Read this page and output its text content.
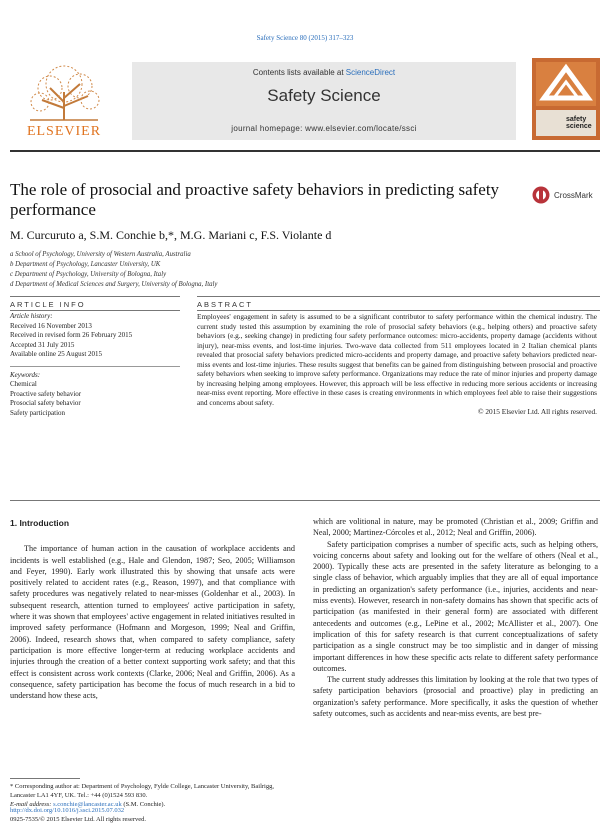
Safety Science 80 (2015) 317–323
ELSEVIER
Contents lists available at ScienceDirect
Safety Science
journal homepage: www.elsevier.com/locate/ssci
safety science
The role of prosocial and proactive safety behaviors in predicting safety performance
CrossMark
M. Curcuruto a, S.M. Conchie b,*, M.G. Mariani c, F.S. Violante d
a School of Psychology, University of Western Australia, Australia
b Department of Psychology, Lancaster University, UK
c Department of Psychology, University of Bologna, Italy
d Department of Medical Sciences and Surgery, University of Bologna, Italy
ARTICLE INFO	ABSTRACT
Article history:
Received 16 November 2013
Received in revised form 26 February 2015
Accepted 31 July 2015
Available online 25 August 2015
Keywords:
Chemical
Proactive safety behavior
Prosocial safety behavior
Safety participation

Employees' engagement in safety is assumed to be a significant contributor to safety performance within the chemical industry. The current study tested this assumption by examining the role of prosocial safety behaviors (e.g., helping others) and proactive safety behaviors (e.g., seeking change) in predicting four safety performance outcomes: micro-accidents, property damage (accidents without injury), near-miss events, and lost-time injuries. Two-wave data collected from 511 employees located in 2 Italian chemical plants revealed that prosocial safety behaviors predicted micro-accidents and property damage, and proactive safety behaviors predicted near-miss events and lost-time injuries. These results suggest that benefits can be gained from distinguishing between prosocial and proactive safety behaviors when seeking to improve safety performance. Organizations may reduce the rate of minor injuries and property damage by increasing helping among employees. However, this approach will be less effective in reducing more serious accidents or increasing near-miss event reporting. More effective in these cases is creating environments in which employees feel able to raise their suggestions and concerns about safety.

© 2015 Elsevier Ltd. All rights reserved.

1. Introduction

The importance of human action in the causation of workplace accidents and incidents is well established (e.g., Hale and Glendon, 1987; Seo, 2005; Williamson and Feyer, 1990). Early work illustrated this by showing that unsafe acts were positively related to accident rates (e.g., Reason, 1997), and that compliance with safety procedures was negatively related to near-misses (Goldenhar et al., 2003). In subsequent research, attention turned to employees' active participation in safety, where it was shown that employees' active engagement in related initiatives resulted in improved safety performance (Hofmann and Morgeson, 1999; Neal and Griffin, 2006). Indeed, research shows that, when compared to safety compliance, safety participation is more effective longer-term at reducing workplace accidents and injuries through the creation of a better context supporting work safety; and that this effect is consistent across work contexts (Clarke, 2006; Neal and Griffin, 2006). As a consequence, safety participation has become the focus of much research in a bid to understand how these acts,

which are volitional in nature, may be promoted (Christian et al., 2009; Griffin and Neal, 2000; Martinez-Córcoles et al., 2012; Neal and Griffin, 2006).

Safety participation comprises a number of specific acts, such as helping others, voicing concerns about safety and looking out for the welfare of others (Neal et al., 2000). Typically these acts are presented in the safety literature as belonging to a single class of behavior, which arguably implies that they are all of equal importance in predicting an organization's safety performance (i.e., injuries, accidents and near-miss events). However, research in non-safety domains has shown that specific acts of participation (as manifested in their general form) are associated with different antecedents and outcomes (e.g., LePine et al., 2002; McAllister et al., 2007). One implication of this for safety research is that current conceptualizations of safety participation as a single construct may be too simplistic and in danger of missing important differences in how these specific acts relate to different safety performance outcomes.

The current study addresses this limitation by looking at the role that two types of safety participation behaviors (prosocial and proactive) play in predicting an organization's safety performance. More specifically, it asks the question of whether safety outcomes, such as accidents and near-miss events, are best pre-

* Corresponding author at: Department of Psychology, Fylde College, Lancaster University, Bailrigg, Lancaster LA1 4YF, UK. Tel.: +44 (0)1524 593 830.
E-mail address: s.conchie@lancaster.ac.uk (S.M. Conchie).
http://dx.doi.org/10.1016/j.ssci.2015.07.032
0925-7535/© 2015 Elsevier Ltd. All rights reserved.
